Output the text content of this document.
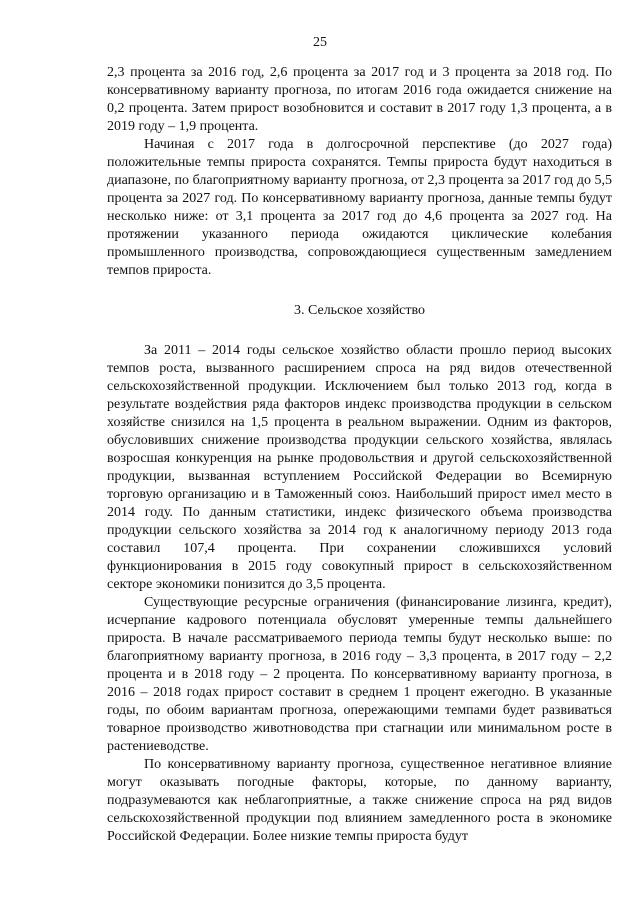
25

2,3 процента за 2016 год, 2,6 процента за 2017 год и 3 процента за 2018 год. По консервативному варианту прогноза, по итогам 2016 года ожидается снижение на 0,2 процента. Затем прирост возобновится и составит в 2017 году 1,3 процента, а в 2019 году – 1,9 процента.

Начиная с 2017 года в долгосрочной перспективе (до 2027 года) положительные темпы прироста сохранятся. Темпы прироста будут находиться в диапазоне, по благоприятному варианту прогноза, от 2,3 процента за 2017 год до 5,5 процента за 2027 год. По консервативному варианту прогноза, данные темпы будут несколько ниже: от 3,1 процента за 2017 год до 4,6 процента за 2027 год. На протяжении указанного периода ожидаются циклические колебания промышленного производства, сопровождающиеся существенным замедлением темпов прироста.

3. Сельское хозяйство

За 2011 – 2014 годы сельское хозяйство области прошло период высоких темпов роста, вызванного расширением спроса на ряд видов отечественной сельскохозяйственной продукции. Исключением был только 2013 год, когда в результате воздействия ряда факторов индекс производства продукции в сельском хозяйстве снизился на 1,5 процента в реальном выражении. Одним из факторов, обусловивших снижение производства продукции сельского хозяйства, являлась возросшая конкуренция на рынке продовольствия и другой сельскохозяйственной продукции, вызванная вступлением Российской Федерации во Всемирную торговую организацию и в Таможенный союз. Наибольший прирост имел место в 2014 году. По данным статистики, индекс физического объема производства продукции сельского хозяйства за 2014 год к аналогичному периоду 2013 года составил 107,4 процента. При сохранении сложившихся условий функционирования в 2015 году совокупный прирост в сельскохозяйственном секторе экономики понизится до 3,5 процента.

Существующие ресурсные ограничения (финансирование лизинга, кредит), исчерпание кадрового потенциала обусловят умеренные темпы дальнейшего прироста. В начале рассматриваемого периода темпы будут несколько выше: по благоприятному варианту прогноза, в 2016 году – 3,3 процента, в 2017 году – 2,2 процента и в 2018 году – 2 процента. По консервативному варианту прогноза, в 2016 – 2018 годах прирост составит в среднем 1 процент ежегодно. В указанные годы, по обоим вариантам прогноза, опережающими темпами будет развиваться товарное производство животноводства при стагнации или минимальном росте в растениеводстве.

По консервативному варианту прогноза, существенное негативное влияние могут оказывать погодные факторы, которые, по данному варианту, подразумеваются как неблагоприятные, а также снижение спроса на ряд видов сельскохозяйственной продукции под влиянием замедленного роста в экономике Российской Федерации. Более низкие темпы прироста будут
